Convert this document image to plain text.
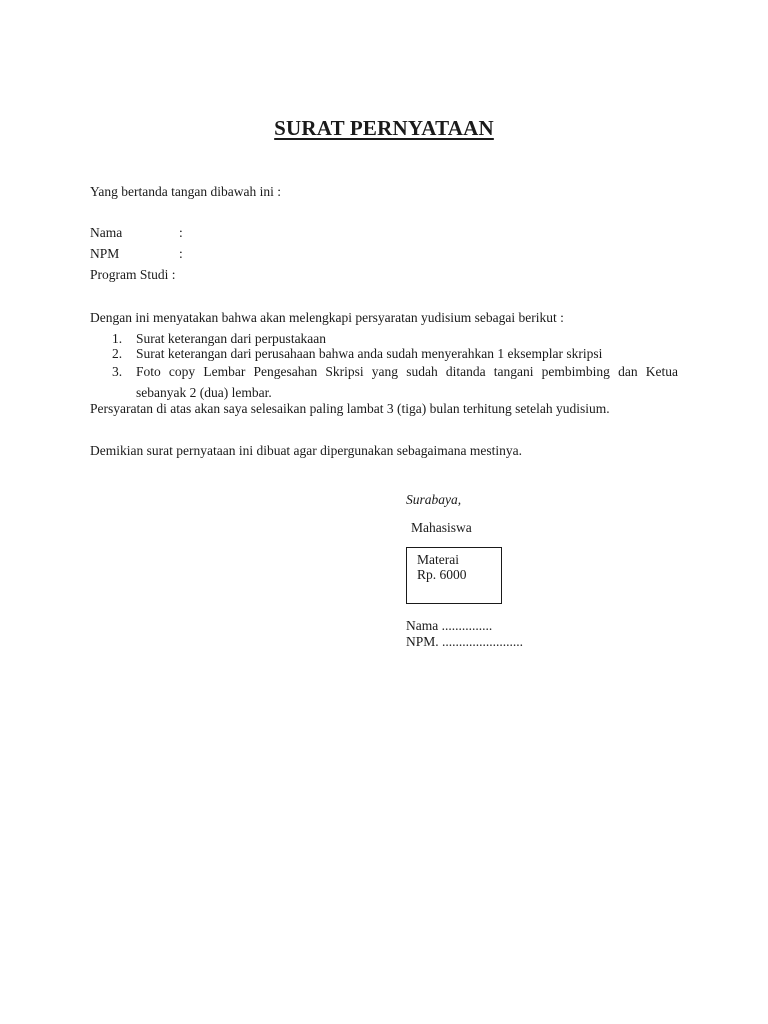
SURAT PERNYATAAN
Yang bertanda tangan dibawah ini :
Nama	:
NPM	:
Program Studi :
Dengan ini menyatakan bahwa akan melengkapi persyaratan yudisium sebagai berikut :
1. Surat keterangan dari perpustakaan
2. Surat keterangan dari perusahaan bahwa anda sudah menyerahkan 1 eksemplar skripsi
3. Foto copy Lembar Pengesahan Skripsi yang sudah ditanda tangani pembimbing dan Ketua sebanyak 2 (dua) lembar.
Persyaratan di atas akan saya selesaikan paling lambat 3 (tiga) bulan terhitung setelah yudisium.
Demikian surat pernyataan ini dibuat agar dipergunakan sebagaimana mestinya.
Surabaya,
Mahasiswa
Materai
Rp. 6000
Nama ...............
NPM. ........................
